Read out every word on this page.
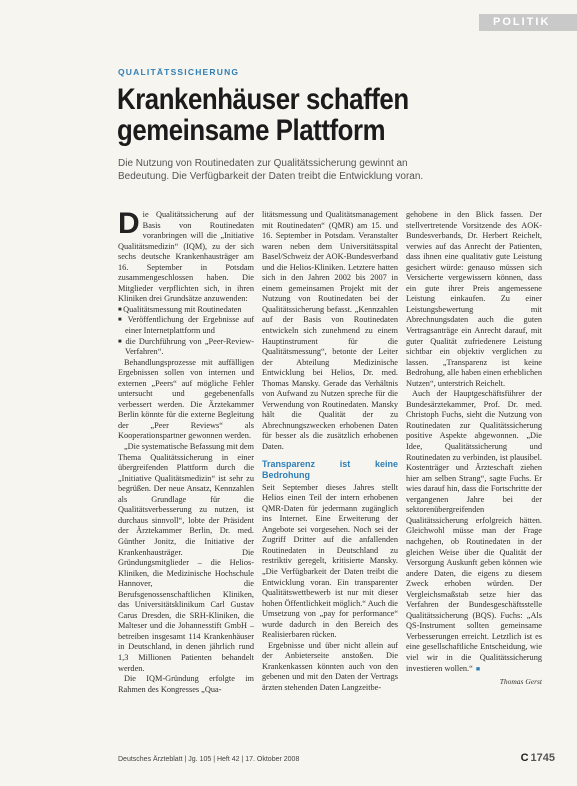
POLITIK
QUALITÄTSSICHERUNG
Krankenhäuser schaffen
gemeinsame Plattform
Die Nutzung von Routinedaten zur Qualitätssicherung gewinnt an Bedeutung. Die Verfügbarkeit der Daten treibt die Entwicklung voran.

Die Qualitätssicherung auf der Basis von Routinedaten voranbringen will die „Initiative Qualitätsmedizin“ (IQM), zu der sich sechs deutsche Krankenhausträger am 16. September in Potsdam zusammengeschlossen haben. Die Mitglieder verpflichten sich, in ihren Kliniken drei Grundsätze anzuwenden:

■ Qualitätsmessung mit Routinedaten

■ Veröffentlichung der Ergebnisse auf einer Internetplattform und

■ die Durchführung von „Peer-Review-Verfahren“.

Behandlungsprozesse mit auffälligen Ergebnissen sollen von internen und externen „Peers“ auf mögliche Fehler untersucht und gegebenenfalls verbessert werden. Die Ärztekammer Berlin könnte für die externe Begleitung der „Peer Reviews“ als Kooperationspartner gewonnen werden.

„Die systematische Befassung mit dem Thema Qualitätssicherung in einer übergreifenden Plattform durch die „Initiative Qualitätsmedizin“ ist sehr zu begrüßen. Der neue Ansatz, Kennzahlen als Grundlage für die Qualitätsverbesserung zu nutzen, ist durchaus sinnvoll“, lobte der Präsident der Ärztekammer Berlin, Dr. med. Günther Jonitz, die Initiative der Krankenhausträger. Die Gründungsmitglieder – die Helios-Kliniken, die Medizinische Hochschule Hannover, die Berufsgenossenschaftlichen Kliniken, das Universitätsklinikum Carl Gustav Carus Dresden, die SRH-Kliniken, die Malteser und die Johannesstift GmbH – betreiben insgesamt 114 Krankenhäuser in Deutschland, in denen jährlich rund 1,3 Millionen Patienten behandelt werden.

Die IQM-Gründung erfolgte im Rahmen des Kongresses „Qua-

litätsmessung und Qualitätsmanagement mit Routinedaten“ (QMR) am 15. und 16. September in Potsdam. Veranstalter waren neben dem Universitätsspital Basel/Schweiz der AOK-Bundesverband und die Helios-Kliniken. Letztere hatten sich in den Jahren 2002 bis 2007 in einem gemeinsamen Projekt mit der Nutzung von Routinedaten bei der Qualitätssicherung befasst. „Kennzahlen auf der Basis von Routinedaten entwickeln sich zunehmend zu einem Hauptinstrument für die Qualitätsmessung“, betonte der Leiter der Abteilung Medizinische Entwicklung bei Helios, Dr. med. Thomas Mansky. Gerade das Verhältnis von Aufwand zu Nutzen spreche für die Verwendung von Routinedaten. Mansky hält die Qualität der zu Abrechnungszwecken erhobenen Daten für besser als die zusätzlich erhobenen Daten.

Transparenz ist keine Bedrohung

Seit September dieses Jahres stellt Helios einen Teil der intern erhobenen QMR-Daten für jedermann zugänglich ins Internet. Eine Erweiterung der Angebote sei vorgesehen. Noch sei der Zugriff Dritter auf die anfallenden Routinedaten in Deutschland zu restriktiv geregelt, kritisierte Mansky. „Die Verfügbarkeit der Daten treibt die Entwicklung voran. Ein transparenter Qualitätswettbewerb ist nur mit dieser hohen Öffentlichkeit möglich.“ Auch die Umsetzung von „pay for performance“ wurde dadurch in den Bereich des Realisierbaren rücken.

Ergebnisse und über nicht allein auf der Anbieterseite anstoßen. Die Krankenkassen könnten auch von den gebenen und mit den Daten der Vertrags ärzten stehenden Daten Langzeitbe-

gehobene in den Blick fassen. Der stellvertretende Vorsitzende des AOK-Bundesverbands, Dr. Herbert Reichelt, verwies auf das Anrecht der Patienten, dass ihnen eine qualitativ gute Leistung gesichert würde: genauso müssen sich Versicherte vergewissern können, dass ein gute ihrer Preis angemessene Leistung einkaufen. Zu einer Leistungsbewertung mit Abrechnungsdaten auch die guten Vertragsanträge ein Anrecht darauf, mit guter Qualität zufriedenere Leistung sichtbar ein objektiv verglichen zu lassen. „Transparenz ist keine Bedrohung, alle haben einen erheblichen Nutzen“, unterstrich Reichelt.

Auch der Hauptgeschäftsführer der Bundesärztekammer, Prof. Dr. med. Christoph Fuchs, sieht die Nutzung von Routinedaten zur Qualitätssicherung positive Aspekte abgewonnen. „Die Idee, Qualitätssicherung und Routinedaten zu verbinden, ist plausibel. Kostenträger und Ärzteschaft ziehen hier am selben Strang“, sagte Fuchs. Er wies darauf hin, dass die Fortschritte der vergangenen Jahre bei der sektorenübergreifenden Qualitätssicherung erfolgreich hätten. Gleichwohl müsse man der Frage nachgehen, ob Routinedaten in der gleichen Weise über die Qualität der Versorgung Auskunft geben können wie andere Daten, die eigens zu diesem Zweck erhoben würden. Der Vergleichsmaßstab setze hier das Verfahren der Bundesgeschäftsstelle Qualitätssicherung (BQS). Fuchs: „Als QS-Instrument sollten gemeinsame Verbesserungen erreicht. Letztlich ist es eine gesellschaftliche Entscheidung, wie viel wir in die Qualitätssicherung investieren wollen.“ ■

Thomas Gerst
Deutsches Ärzteblatt | Jg. 105 | Heft 42 | 17. Oktober 2008	C 1745
